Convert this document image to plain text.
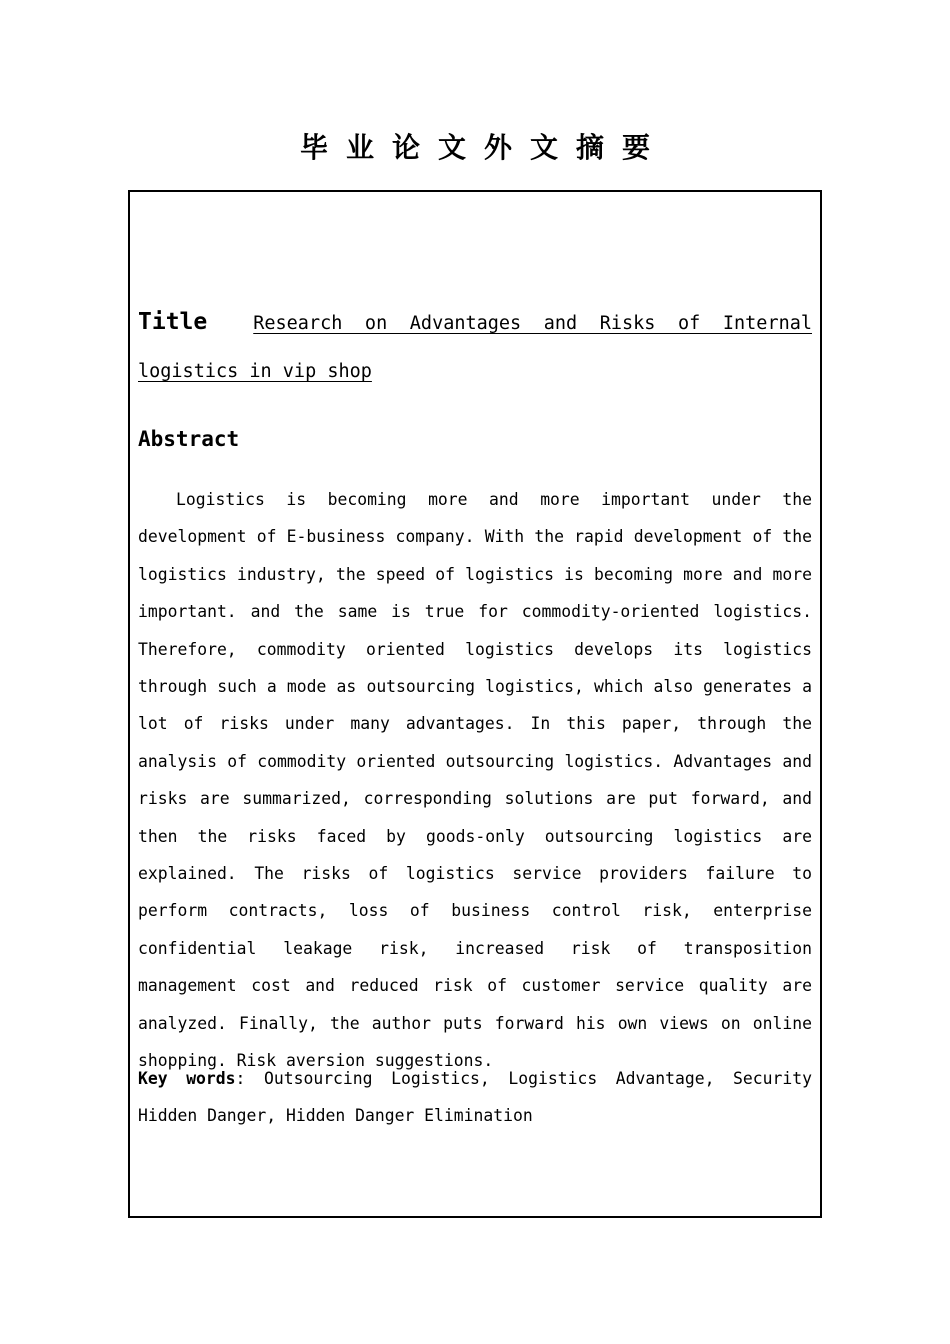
毕业论文外文摘要
Title Research on Advantages and Risks of Internal logistics in vip shop
Abstract

Logistics is becoming more and more important under the development of E-business company. With the rapid development of the logistics industry, the speed of logistics is becoming more and more important. and the same is true for commodity-oriented logistics. Therefore, commodity oriented logistics develops its logistics through such a mode as outsourcing logistics, which also generates a lot of risks under many advantages. In this paper, through the analysis of commodity oriented outsourcing logistics. Advantages and risks are summarized, corresponding solutions are put forward, and then the risks faced by goods-only outsourcing logistics are explained. The risks of logistics service providers failure to perform contracts, loss of business control risk, enterprise confidential leakage risk, increased risk of transposition management cost and reduced risk of customer service quality are analyzed. Finally, the author puts forward his own views on online shopping. Risk aversion suggestions.

Key words: Outsourcing Logistics, Logistics Advantage, Security Hidden Danger, Hidden Danger Elimination
